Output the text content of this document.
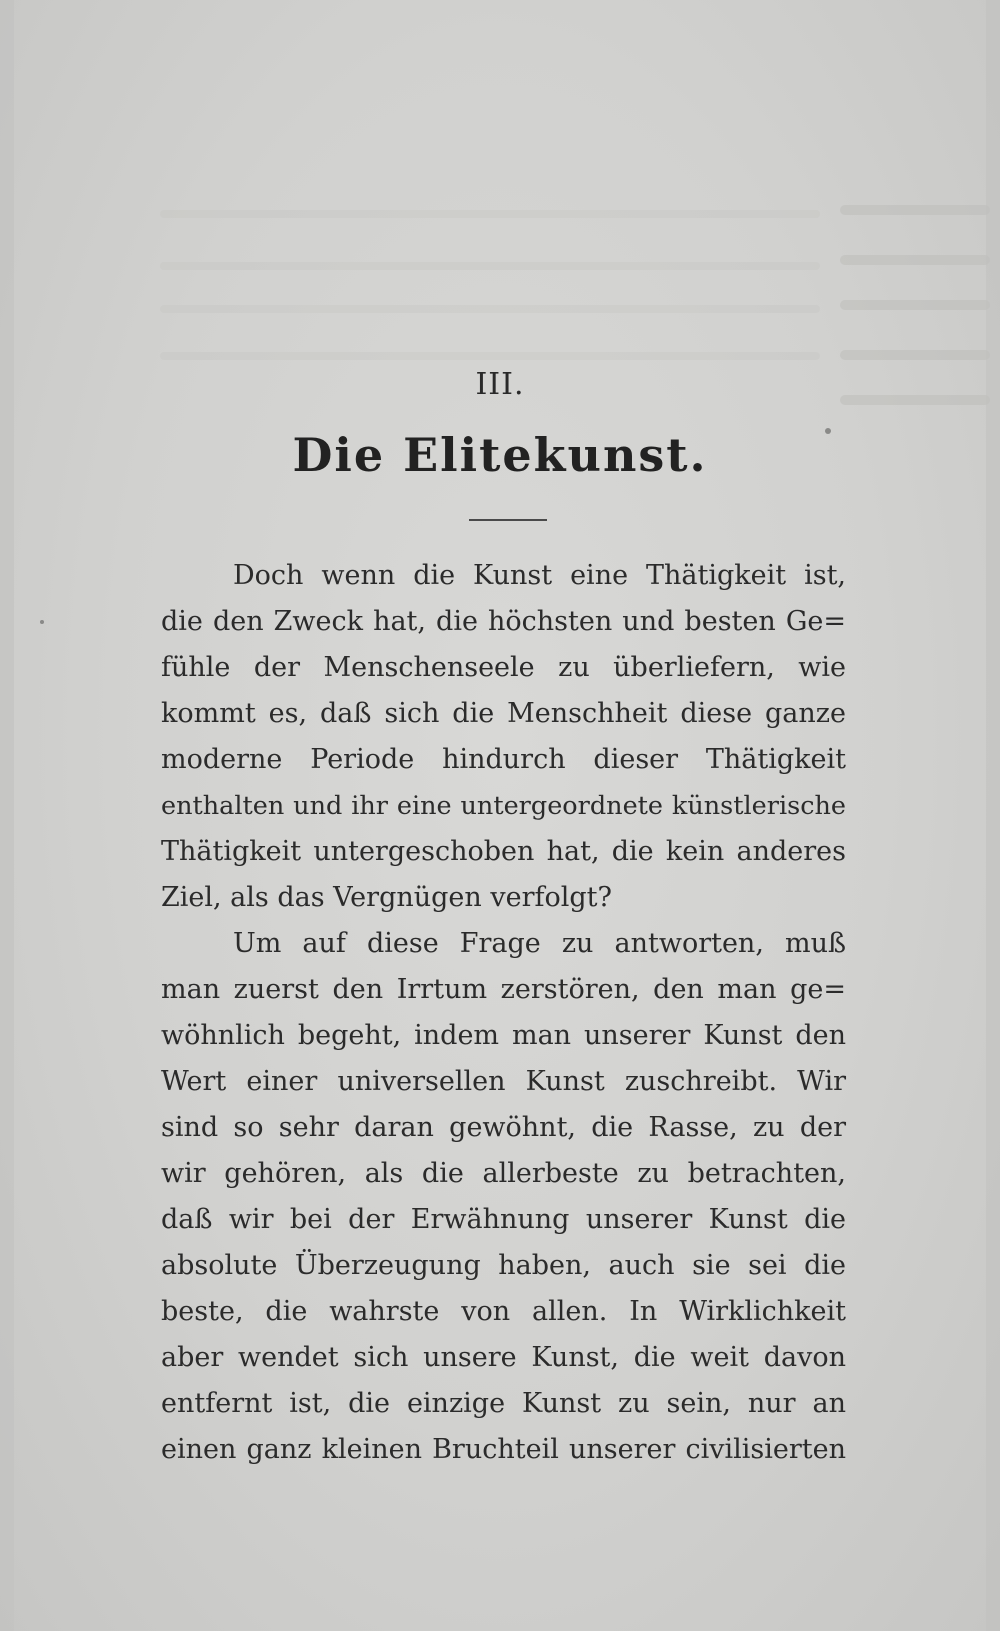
III.
Die Elitekunst.
Doch wenn die Kunst eine Thätigkeit ist,
die den Zweck hat, die höchsten und besten Ge=
fühle der Menschenseele zu überliefern, wie
kommt es, daß sich die Menschheit diese ganze
moderne Periode hindurch dieser Thätigkeit
enthalten und ihr eine untergeordnete künstlerische
Thätigkeit untergeschoben hat, die kein anderes
Ziel, als das Vergnügen verfolgt?
Um auf diese Frage zu antworten, muß
man zuerst den Irrtum zerstören, den man ge=
wöhnlich begeht, indem man unserer Kunst den
Wert einer universellen Kunst zuschreibt. Wir
sind so sehr daran gewöhnt, die Rasse, zu der
wir gehören, als die allerbeste zu betrachten,
daß wir bei der Erwähnung unserer Kunst die
absolute Überzeugung haben, auch sie sei die
beste, die wahrste von allen. In Wirklichkeit
aber wendet sich unsere Kunst, die weit davon
entfernt ist, die einzige Kunst zu sein, nur an
einen ganz kleinen Bruchteil unserer civilisierten
